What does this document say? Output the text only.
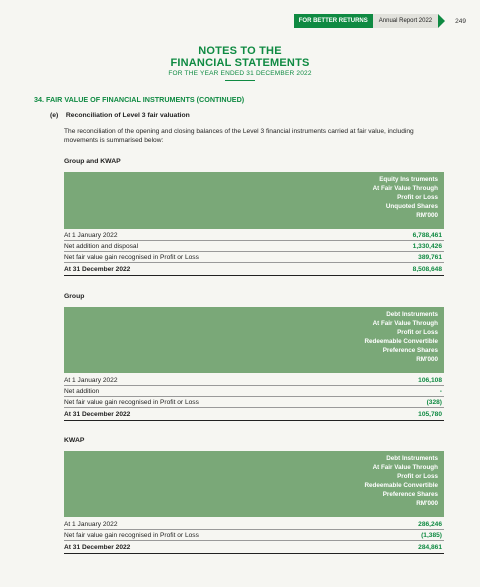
FOR BETTER RETURNS	Annual Report 2022	249
NOTES TO THE
FINANCIAL STATEMENTS
FOR THE YEAR ENDED 31 DECEMBER 2022
34. FAIR VALUE OF FINANCIAL INSTRUMENTS (CONTINUED)
(e) Reconciliation of Level 3 fair valuation
The reconciliation of the opening and closing balances of the Level 3 financial instruments carried at fair value, including movements is summarised below:
Group and KWAP
Equity Ins truments
At Fair Value Through
Profit or Loss
Unquoted Shares
RM'000
At 1 January 2022	6,788,461
Net addition and disposal	1,330,426
Net fair value gain recognised in Profit or Loss	389,761
At 31 December 2022	8,508,648
Group
Debt Instruments
At Fair Value Through
Profit or Loss
Redeemable Convertible
Preference Shares
RM'000
At 1 January 2022	106,108
Net addition	-
Net fair value gain recognised in Profit or Loss	(328)
At 31 December 2022	105,780
KWAP
Debt Instruments
At Fair Value Through
Profit or Loss
Redeemable Convertible
Preference Shares
RM'000
At 1 January 2022	286,246
Net fair value gain recognised in Profit or Loss	(1,385)
At 31 December 2022	284,861
